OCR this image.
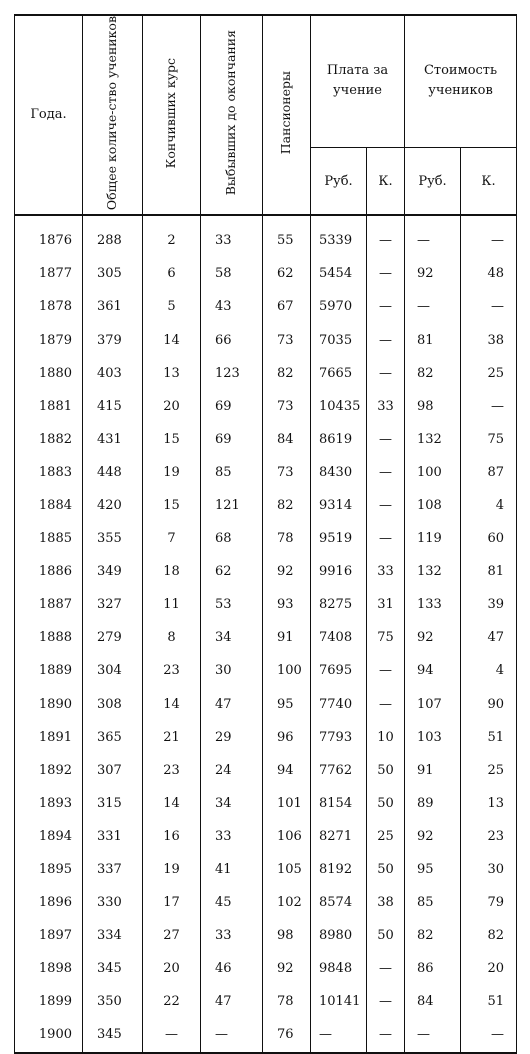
Года.	Общее количе-ство учеников	Кончивших курс	Выбывших до окончания	Пансионеры	Плата за учение		Стоимость учеников	
					Руб.	К.	Руб.	К.
1876	288	2	33	55	5339	—	—	—
1877	305	6	58	62	5454	—	92	48
1878	361	5	43	67	5970	—	—	—
1879	379	14	66	73	7035	—	81	38
1880	403	13	123	82	7665	—	82	25
1881	415	20	69	73	10435	33	98	—
1882	431	15	69	84	8619	—	132	75
1883	448	19	85	73	8430	—	100	87
1884	420	15	121	82	9314	—	108	4
1885	355	7	68	78	9519	—	119	60
1886	349	18	62	92	9916	33	132	81
1887	327	11	53	93	8275	31	133	39
1888	279	8	34	91	7408	75	92	47
1889	304	23	30	100	7695	—	94	4
1890	308	14	47	95	7740	—	107	90
1891	365	21	29	96	7793	10	103	51
1892	307	23	24	94	7762	50	91	25
1893	315	14	34	101	8154	50	89	13
1894	331	16	33	106	8271	25	92	23
1895	337	19	41	105	8192	50	95	30
1896	330	17	45	102	8574	38	85	79
1897	334	27	33	98	8980	50	82	82
1898	345	20	46	92	9848	—	86	20
1899	350	22	47	78	10141	—	84	51
1900	345	—	—	76	—	—	—	—
